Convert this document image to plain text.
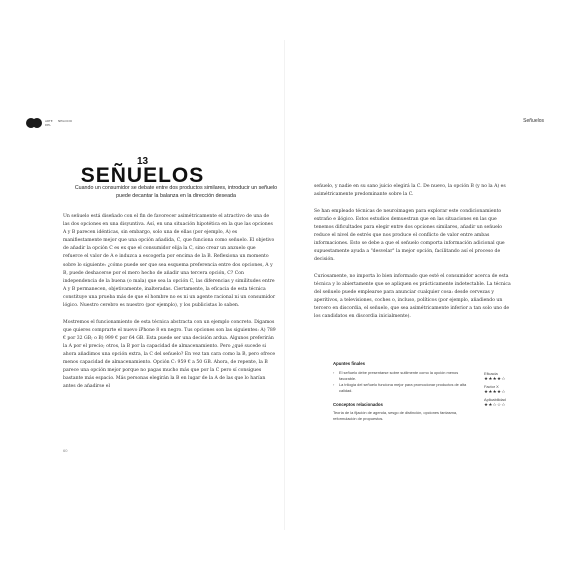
ARTE DEL
NEGOCIO
13
SEÑUELOS
Cuando un consumidor se debate entre dos productos similares, introducir un señuelo puede decantar la balanza en la dirección deseada

Un señuelo está diseñado con el fin de favorecer asimétricamente el atractivo de una de las dos opciones en una disyuntiva. Así, en una situación hipotética en la que las opciones A y B parecen idénticas, sin embargo, solo una de ellas (por ejemplo, A) es manifiestamente mejor que una opción añadida, C, que funciona como señuelo. El objetivo de añadir la opción C es ex que el consumidor elija la C, sino crear un anzuelo que refuerce el valor de A e induzca a escogerla por encima de la B. Reflexiona un momento sobre lo siguiente: ¿cómo puede ser que sea esquema preferencia entre dos opciones, A y B, puede deshacerse por el mero hecho de añadir una tercera opción, C? Con independencia de la buena (o mala) que sea la opción C, las diferencias y similitudes entre A y B permanecen, objetivamente, inalteradas. Ciertamente, la eficacia de esta técnica constituye una prueba más de que el hombre no es ni un agente racional ni un consumidor lógico. Nuestro cerebro es nuestro (por ejemplo), y los publicistas lo saben.

Mostremos el funcionamiento de esta técnica abstracta con un ejemplo concreto. Digamos que quieres comprarte el nuevo iPhone 8 en negro. Tus opciones son las siguientes: A) 789 € por 32 GB; o B) 999 € por 64 GB. Esta puede ser una decisión ardua. Algunos preferirán la A por el precio; otros, la B por la capacidad de almacenamiento. Pero ¿qué sucede si ahora añadimos una opción extra, la C del señuelo? En vez tan cara como la B, pero ofrece menos capacidad de almacenamiento. Opción C: 959 € a 50 GB. Ahora, de repente, la B parece una opción mejor porque no pagas mucho más que por la C pero sí consigues bastante más espacio. Más personas elegirán la B en lugar de la A de las que lo harían antes de añadirse el

60
Señuelos

señuelo, y nadie en su sano juicio elegirá la C. De nuevo, la opción B (y no la A) es asimétricamente predominante sobre la C.

Se han empleado técnicas de neuroimagen para explorar este condicionamiento extraño e ilógico. Estos estudios demuestran que en las situaciones en las que tenemos dificultades para elegir entre dos opciones similares, añadir un señuelo reduce el nivel de estrés que nos produce el conflicto de valor entre ambas informaciones. Esto se debe a que el señuelo comporta información adicional que supuestamente ayuda a "desvelar" la mejor opción, facilitando así el proceso de decisión.

Curiosamente, no importa lo bien informado que esté el consumidor acerca de esta técnica y lo abiertamente que se apliquen es prácticamente indetectable. La técnica del señuelo puede emplearse para anunciar cualquier cosa: desde cervezas y aperitivos, a televisiones, coches o, incluso, políticos (por ejemplo, añadiendo un tercero en discordia, el señuelo, que sea asimétricamente inferior a tan solo uno de los candidatos en discordia inicialmente).

Apuntes finales
› El señuelo debe presentarse sobre sutilmente como la opción menos favorable.
› La trilogía del señuelo funciona mejor para promocionar productos de alta calidad.
Conceptos relacionados
Teoría de la fijación de agenda, sesgo de distinción, opciones fantasma, reformulación de propuestos.
Eficacia
★★★★☆
Factor X
★★★★☆
Aplicabilidad
★★☆☆☆
